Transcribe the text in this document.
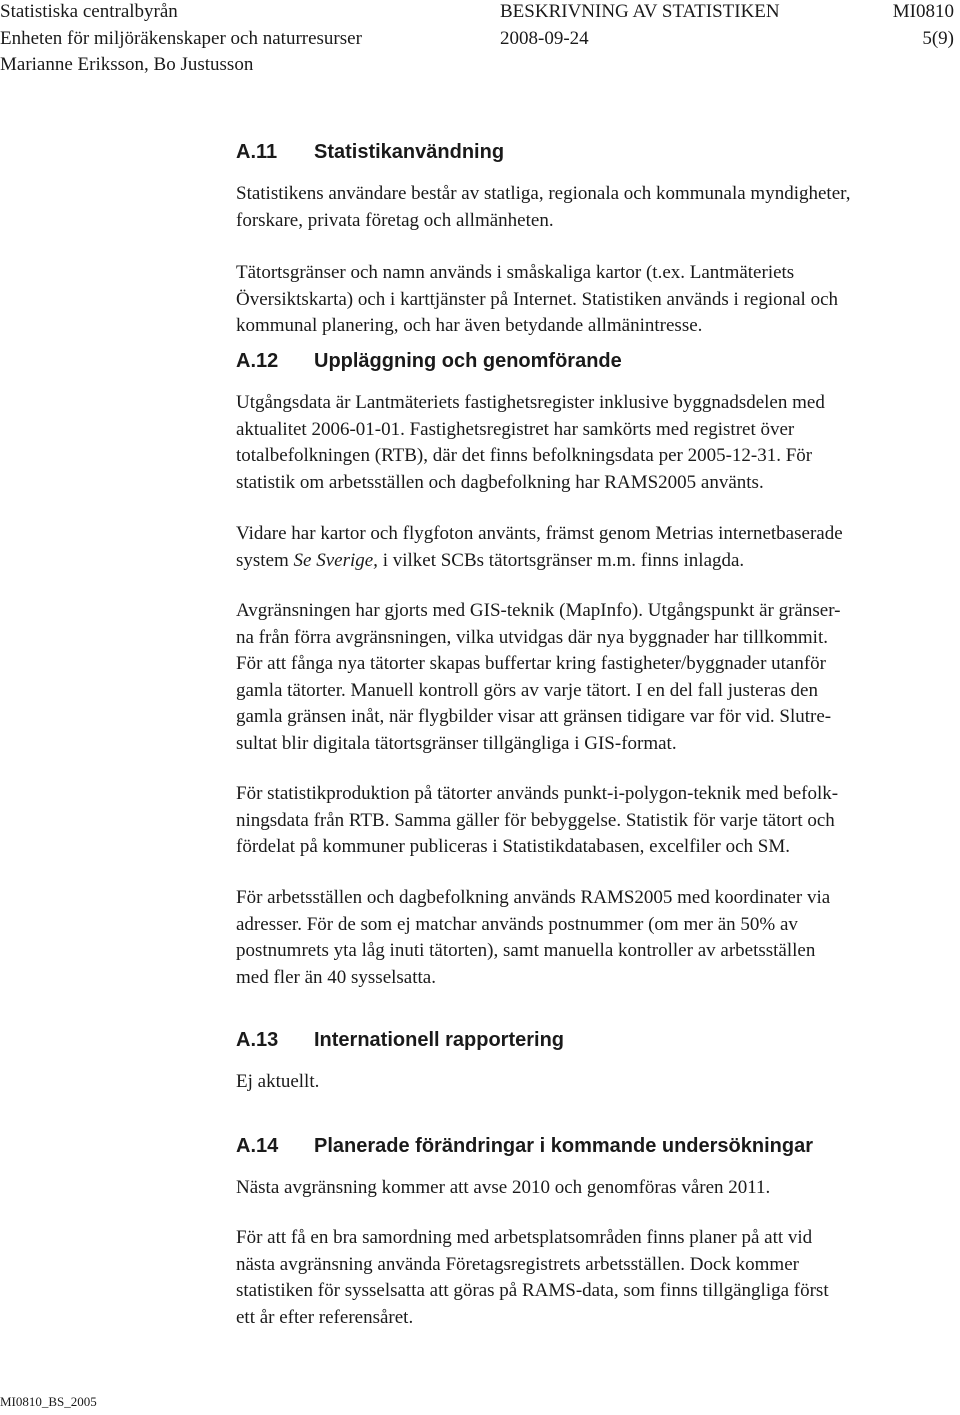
Statistiska centralbyrån
Enheten för miljöräkenskaper och naturresurser
Marianne Eriksson, Bo Justusson
BESKRIVNING AV STATISTIKEN
2008-09-24
MI0810
5(9)
A.11 Statistikanvändning
Statistikens användare består av statliga, regionala och kommunala myndigheter,
forskare, privata företag och allmänheten.
Tätortsgränser och namn används i småskaliga kartor (t.ex. Lantmäteriets
Översiktskarta) och i karttjänster på Internet. Statistiken används i regional och
kommunal planering, och har även betydande allmänintresse.
A.12 Uppläggning och genomförande
Utgångsdata är Lantmäteriets fastighetsregister inklusive byggnadsdelen med
aktualitet 2006-01-01. Fastighetsregistret har samkörts med registret över
totalbefolkningen (RTB), där det finns befolkningsdata per 2005-12-31. För
statistik om arbetsställen och dagbefolkning har RAMS2005 använts.
Vidare har kartor och flygfoton använts, främst genom Metrias internetbaserade
system Se Sverige, i vilket SCBs tätortsgränser m.m. finns inlagda.
Avgränsningen har gjorts med GIS-teknik (MapInfo). Utgångspunkt är gränser-
na från förra avgränsningen, vilka utvidgas där nya byggnader har tillkommit.
För att fånga nya tätorter skapas buffertar kring fastigheter/byggnader utanför
gamla tätorter. Manuell kontroll görs av varje tätort. I en del fall justeras den
gamla gränsen inåt, när flygbilder visar att gränsen tidigare var för vid. Slutre-
sultat blir digitala tätortsgränser tillgängliga i GIS-format.
För statistikproduktion på tätorter används punkt-i-polygon-teknik med befolk-
ningsdata från RTB. Samma gäller för bebyggelse. Statistik för varje tätort och
fördelat på kommuner publiceras i Statistikdatabasen, excelfiler och SM.
För arbetsställen och dagbefolkning används RAMS2005 med koordinater via
adresser. För de som ej matchar används postnummer (om mer än 50% av
postnumrets yta låg inuti tätorten), samt manuella kontroller av arbetsställen
med fler än 40 sysselsatta.
A.13 Internationell rapportering
Ej aktuellt.
A.14 Planerade förändringar i kommande undersökningar
Nästa avgränsning kommer att avse 2010 och genomföras våren 2011.
För att få en bra samordning med arbetsplatsområden finns planer på att vid
nästa avgränsning använda Företagsregistrets arbetsställen. Dock kommer
statistiken för sysselsatta att göras på RAMS-data, som finns tillgängliga först
ett år efter referensåret.
MI0810_BS_2005
